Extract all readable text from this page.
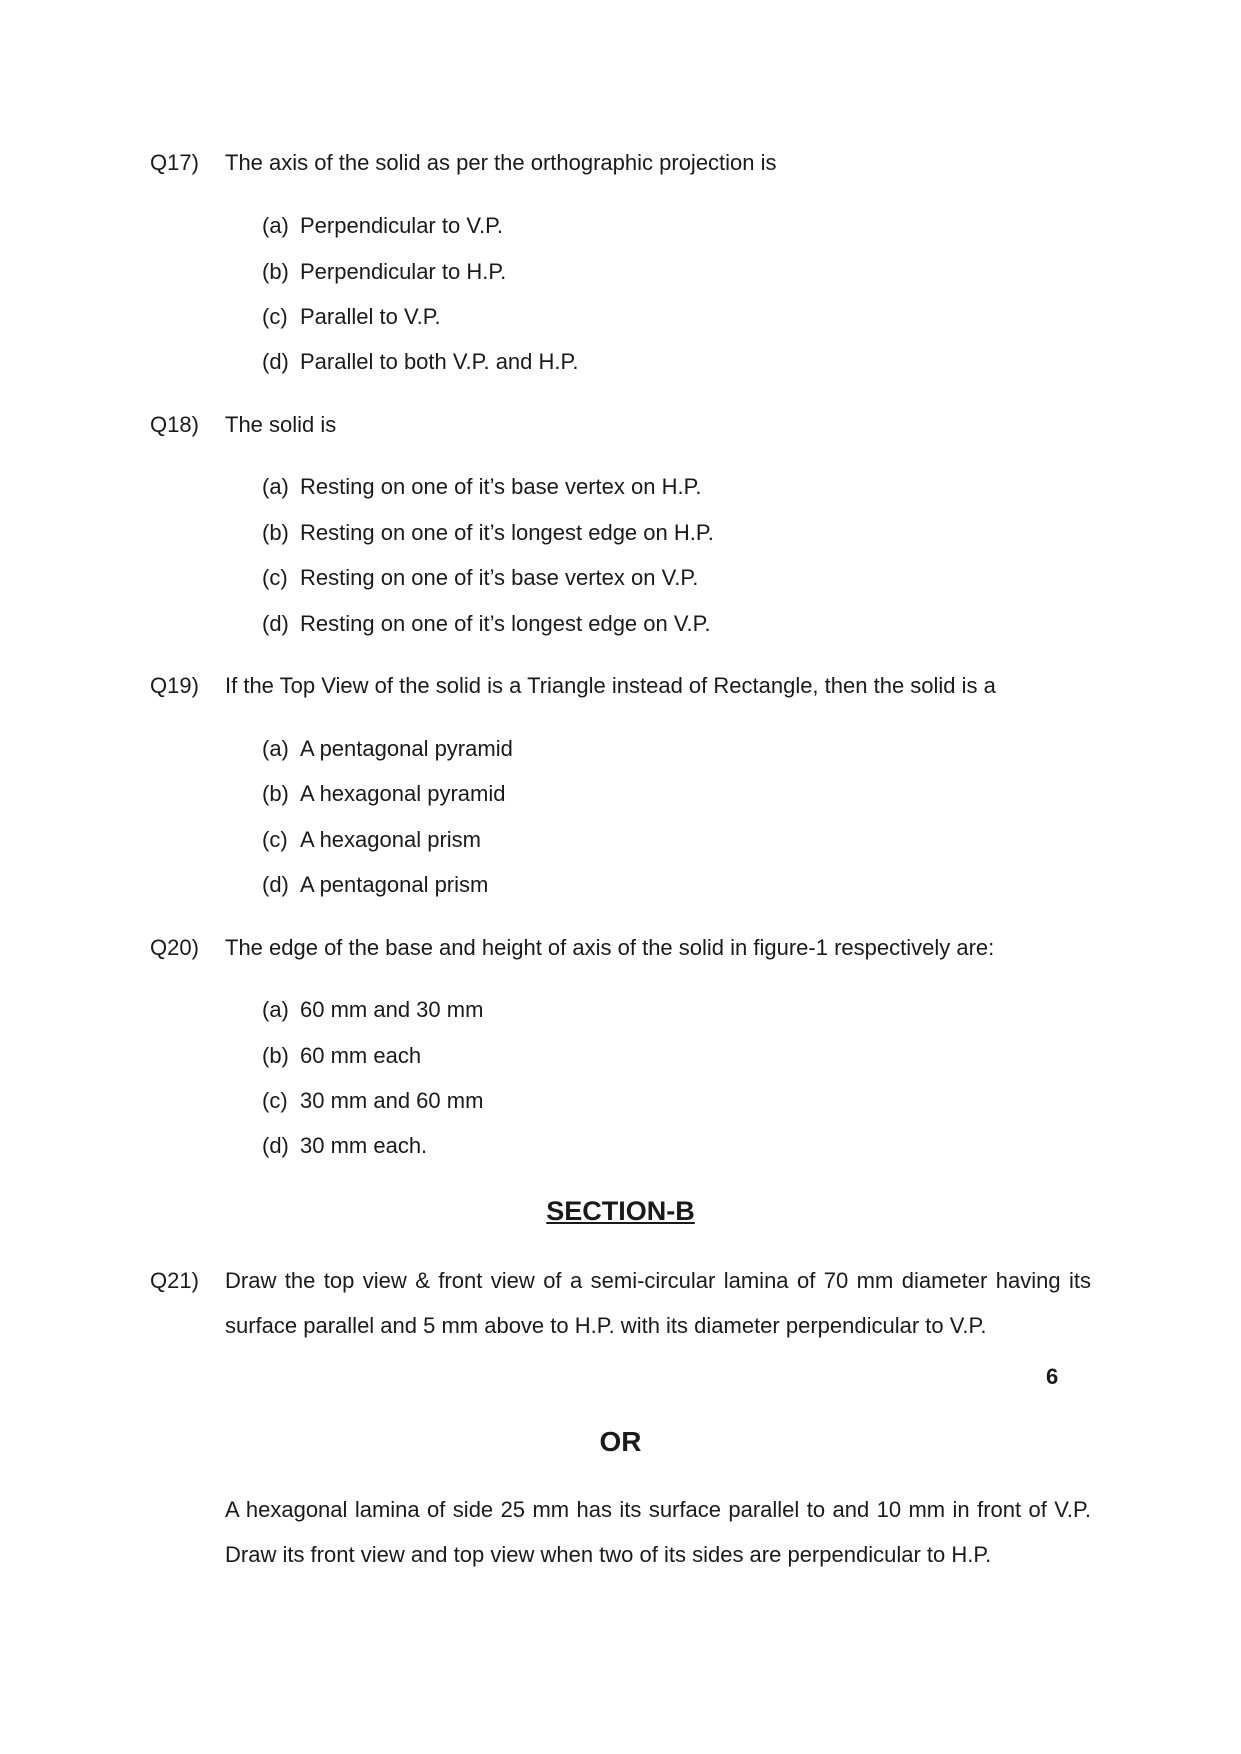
Q17) The axis of the solid as per the orthographic projection is
(a) Perpendicular to V.P.
(b) Perpendicular to H.P.
(c) Parallel to V.P.
(d) Parallel to both V.P. and H.P.
Q18) The solid is
(a) Resting on one of it’s base vertex on H.P.
(b) Resting on one of it’s longest edge on H.P.
(c) Resting on one of it’s base vertex on V.P.
(d) Resting on one of it’s longest edge on V.P.
Q19) If the Top View of the solid is a Triangle instead of Rectangle, then the solid is a
(a) A pentagonal pyramid
(b) A hexagonal pyramid
(c) A hexagonal prism
(d) A pentagonal prism
Q20) The edge of the base and height of axis of the solid in figure-1 respectively are:
(a) 60 mm and 30 mm
(b) 60 mm each
(c) 30 mm and 60 mm
(d) 30 mm each.
SECTION-B
Q21) Draw the top view & front view of a semi-circular lamina of 70 mm diameter having its surface parallel and 5 mm above to H.P. with its diameter perpendicular to V.P.
6
OR
A hexagonal lamina of side 25 mm has its surface parallel to and 10 mm in front of V.P. Draw its front view and top view when two of its sides are perpendicular to H.P.
